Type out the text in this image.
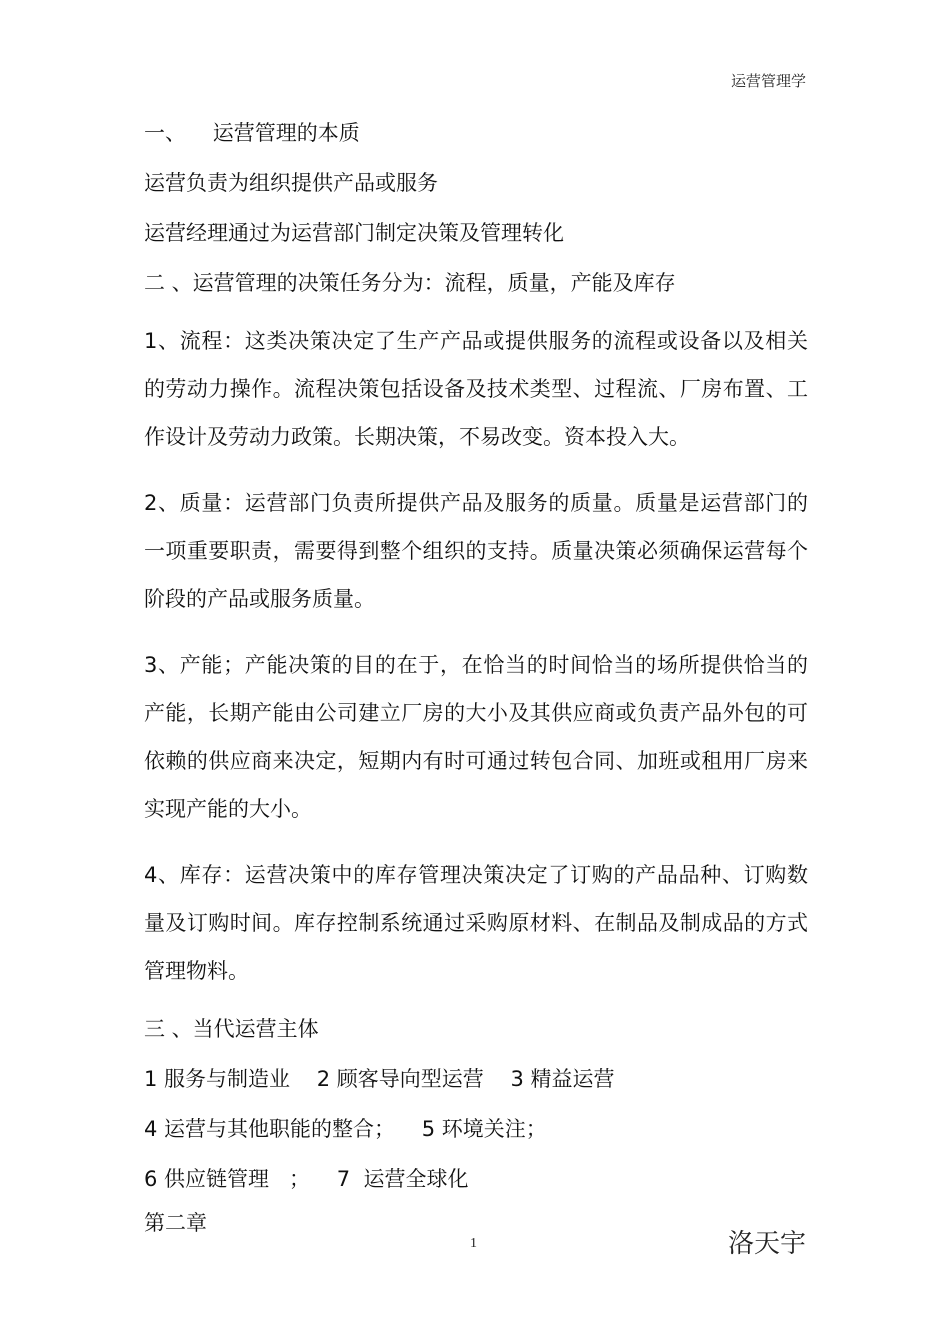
运营管理学

一、    运营管理的本质

运营负责为组织提供产品或服务

运营经理通过为运营部门制定决策及管理转化

二 、运营管理的决策任务分为：流程，质量，产能及库存

1、流程：这类决策决定了生产产品或提供服务的流程或设备以及相关的劳动力操作。流程决策包括设备及技术类型、过程流、厂房布置、工作设计及劳动力政策。长期决策，不易改变。资本投入大。

2、质量：运营部门负责所提供产品及服务的质量。质量是运营部门的一项重要职责，需要得到整个组织的支持。质量决策必须确保运营每个阶段的产品或服务质量。

3、产能；产能决策的目的在于，在恰当的时间恰当的场所提供恰当的产能，长期产能由公司建立厂房的大小及其供应商或负责产品外包的可依赖的供应商来决定，短期内有时可通过转包合同、加班或租用厂房来实现产能的大小。

4、库存：运营决策中的库存管理决策决定了订购的产品品种、订购数量及订购时间。库存控制系统通过采购原材料、在制品及制成品的方式管理物料。

三 、当代运营主体

1 服务与制造业    2 顾客导向型运营    3 精益运营

4 运营与其他职能的整合；    5 环境关注；

6 供应链管理   ；    7  运营全球化

第二章

1	洛天宇
